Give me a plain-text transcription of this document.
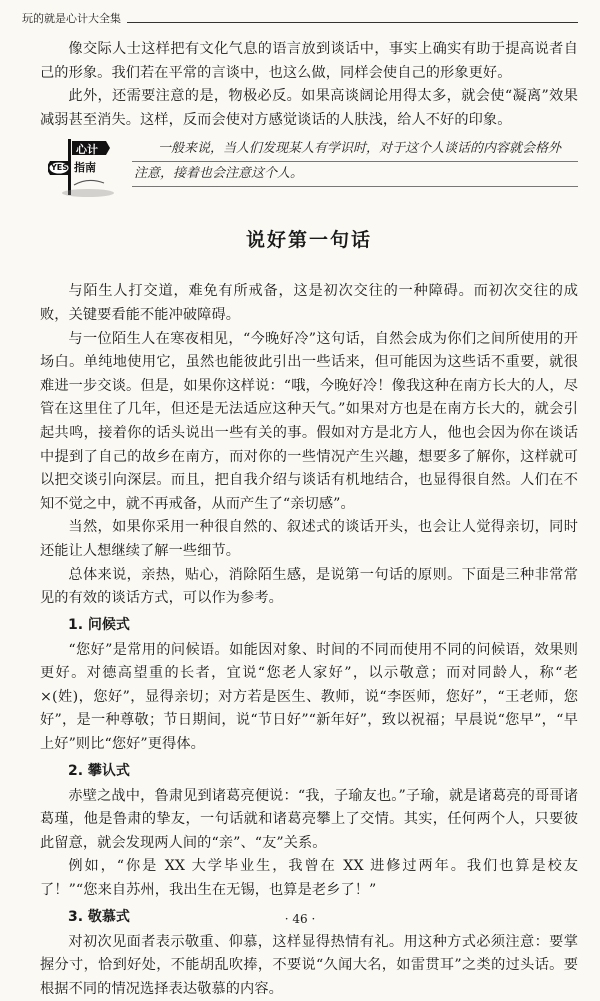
玩的就是心计大全集

像交际人士这样把有文化气息的语言放到谈话中，事实上确实有助于提高说者自己的形象。我们若在平常的言谈中，也这么做，同样会使自己的形象更好。

此外，还需要注意的是，物极必反。如果高谈阔论用得太多，就会使“凝离”效果减弱甚至消失。这样，反而会使对方感觉谈话的人肤浅，给人不好的印象。

心计
指南
YES
一般来说，当人们发现某人有学识时，对于这个人谈话的内容就会格外
注意，接着也会注意这个人。
说好第一句话

与陌生人打交道，难免有所戒备，这是初次交往的一种障碍。而初次交往的成败，关键要看能不能冲破障碍。

与一位陌生人在寒夜相见，“今晚好冷”这句话，自然会成为你们之间所使用的开场白。单纯地使用它，虽然也能彼此引出一些话来，但可能因为这些话不重要，就很难进一步交谈。但是，如果你这样说：“哦，今晚好冷！像我这种在南方长大的人，尽管在这里住了几年，但还是无法适应这种天气。”如果对方也是在南方长大的，就会引起共鸣，接着你的话头说出一些有关的事。假如对方是北方人，他也会因为你在谈话中提到了自己的故乡在南方，而对你的一些情况产生兴趣，想要多了解你，这样就可以把交谈引向深层。而且，把自我介绍与谈话有机地结合，也显得很自然。人们在不知不觉之中，就不再戒备，从而产生了“亲切感”。

当然，如果你采用一种很自然的、叙述式的谈话开头，也会让人觉得亲切，同时还能让人想继续了解一些细节。

总体来说，亲热，贴心，消除陌生感，是说第一句话的原则。下面是三种非常常见的有效的谈话方式，可以作为参考。

1. 问候式

“您好”是常用的问候语。如能因对象、时间的不同而使用不同的问候语，效果则更好。对德高望重的长者，宜说“您老人家好”，以示敬意；而对同龄人，称“老×(姓)，您好”，显得亲切；对方若是医生、教师，说“李医师，您好”，“王老师，您好”，是一种尊敬；节日期间，说“节日好”“新年好”，致以祝福；早晨说“您早”，“早上好”则比“您好”更得体。

2. 攀认式

赤壁之战中，鲁肃见到诸葛亮便说：“我，子瑜友也。”子瑜，就是诸葛亮的哥哥诸葛瑾，他是鲁肃的挚友，一句话就和诸葛亮攀上了交情。其实，任何两个人，只要彼此留意，就会发现两人间的“亲”、“友”关系。

例如，“你是 XX 大学毕业生，我曾在 XX 进修过两年。我们也算是校友了！”“您来自苏州，我出生在无锡，也算是老乡了！”

3. 敬慕式

对初次见面者表示敬重、仰慕，这样显得热情有礼。用这种方式必须注意：要掌握分寸，恰到好处，不能胡乱吹捧，不要说“久闻大名，如雷贯耳”之类的过头话。要根据不同的情况选择表达敬慕的内容。

· 46 ·
